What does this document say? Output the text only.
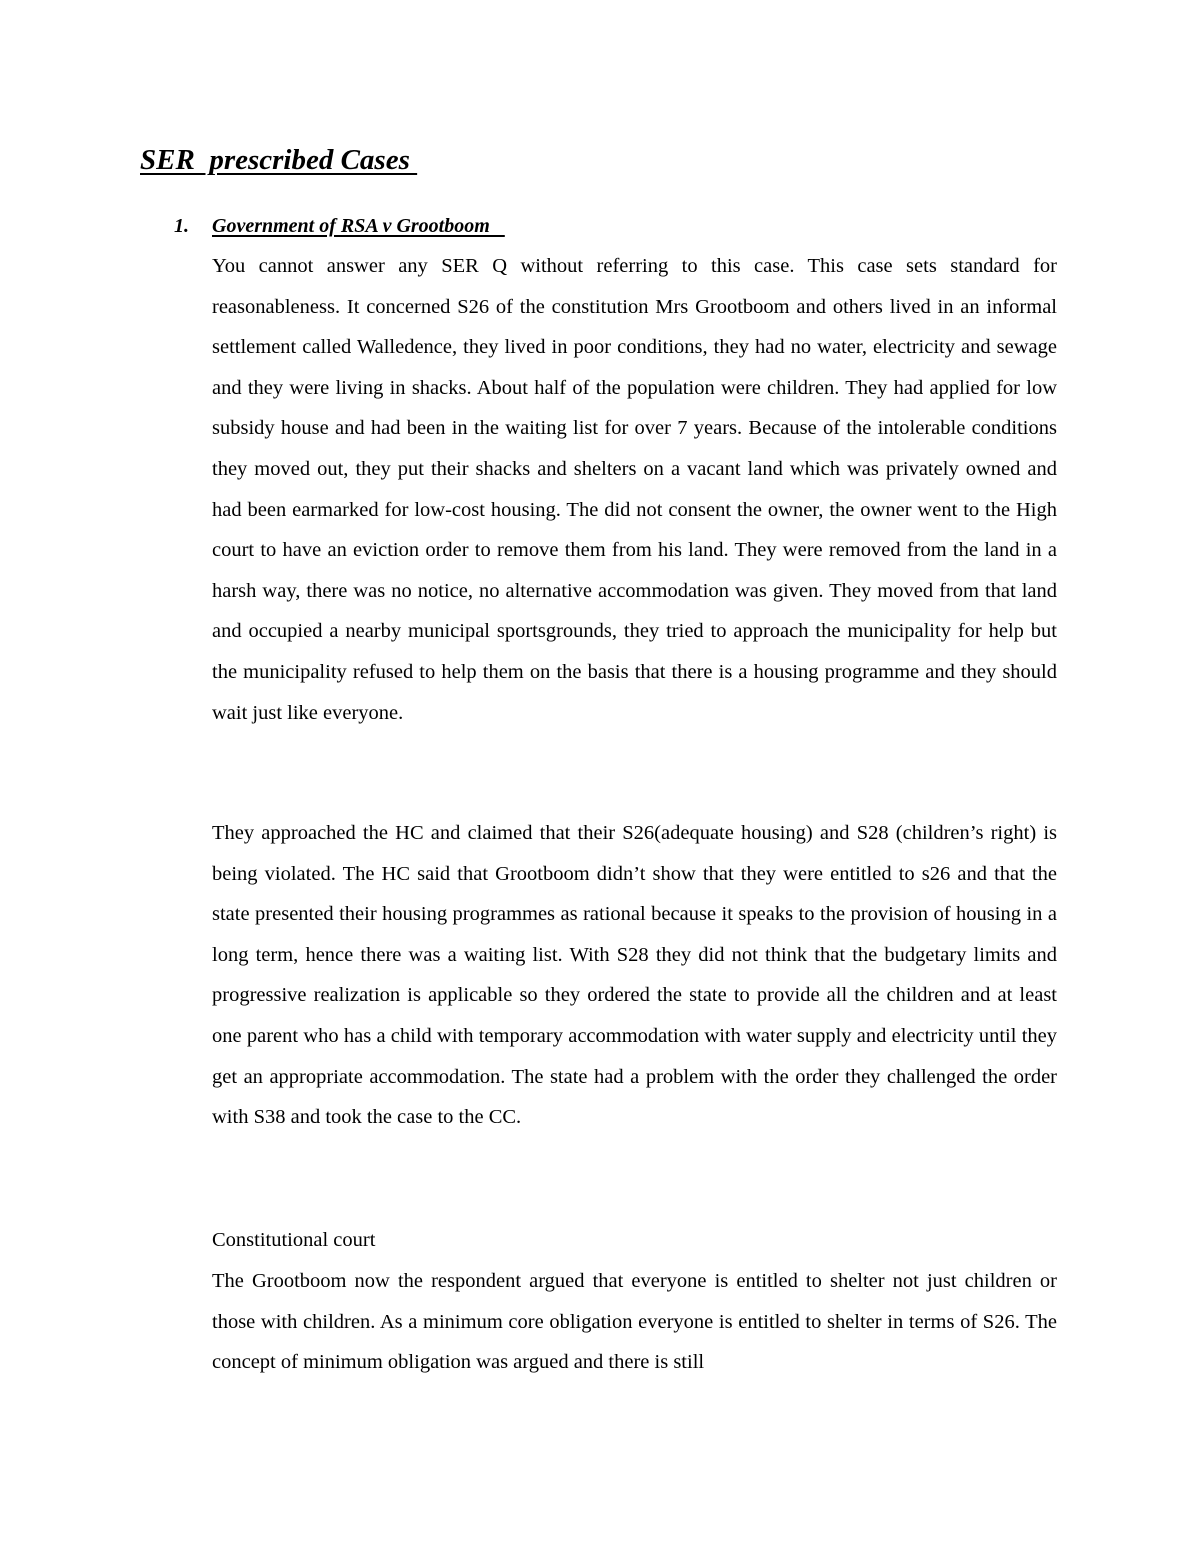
SER  prescribed Cases
1. Government of RSA v Grootboom

You cannot answer any SER Q without referring to this case. This case sets standard for reasonableness. It concerned S26 of the constitution Mrs Grootboom and others lived in an informal settlement called Walledence, they lived in poor conditions, they had no water, electricity and sewage and they were living in shacks. About half of the population were children. They had applied for low subsidy house and had been in the waiting list for over 7 years. Because of the intolerable conditions they moved out, they put their shacks and shelters on a vacant land which was privately owned and had been earmarked for low-cost housing. The did not consent the owner, the owner went to the High court to have an eviction order to remove them from his land. They were removed from the land in a harsh way, there was no notice, no alternative accommodation was given. They moved from that land and occupied a nearby municipal sportsgrounds, they tried to approach the municipality for help but the municipality refused to help them on the basis that there is a housing programme and they should wait just like everyone.

They approached the HC and claimed that their S26(adequate housing) and S28 (children’s right) is being violated. The HC said that Grootboom didn’t show that they were entitled to s26 and that the state presented their housing programmes as rational because it speaks to the provision of housing in a long term, hence there was a waiting list. With S28 they did not think that the budgetary limits and progressive realization is applicable so they ordered the state to provide all the children and at least one parent who has a child with temporary accommodation with water supply and electricity until they get an appropriate accommodation. The state had a problem with the order they challenged the order with S38 and took the case to the CC.

Constitutional court

The Grootboom now the respondent argued that everyone is entitled to shelter not just children or those with children. As a minimum core obligation everyone is entitled to shelter in terms of S26. The concept of minimum obligation was argued and there is still
